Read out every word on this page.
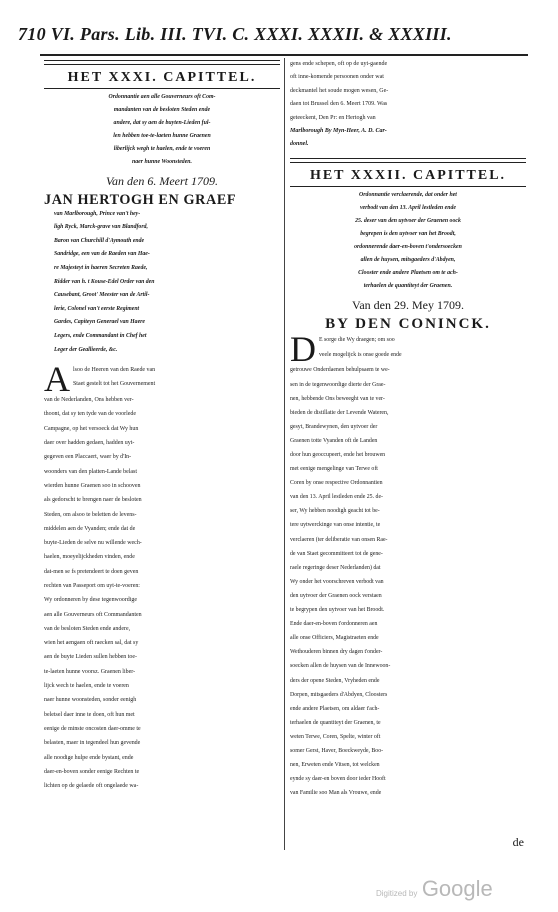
710 VI. Pars. Lib. III. TVI. C. XXXI. XXXII. & XXXIII.
HET XXXI. CAPITTEL.
Ordonnantie aen alle Gouverneurs oft Com-
mandanten van de besloten Steden ende
andere, dat sy aen de buyten-Lieden ful-
len hebben toe-te-laeten hunne Graenen
liberlijck wegh te haelen, ende te voeren
naer hunne Woonsteden.
Van den 6. Meert 1709.
JAN HERTOGH EN GRAEF
van Marlborough, Prince van't hey-
ligh Ryck, Marck-grave van Blandford,
Baron van Churchill d'Aymouth ende
Sandridge, een van de Raeden van Hae-
re Majesteyt in haeren Secreten Raede,
Ridder van h. t Kouse-Edel Order van den
Causebant, Groot' Meester van de Artil-
lerie, Colonel van't eerste Regiment
Gardes, Capiteyn Generael van Haere
Legers, ende Commandant in Chef het
Leger der Geallieerde, &c.
A lsoo de Heeren van den Raede van
Staet gestelt tot het Gouvernement
van de Nederlanden, Ons hebben ver-
thoont, dat sy ten tyde van de voorlede
Campagne, op het versoeck dat Wy hun
daer over hadden gedaen, hadden uyt-
gegeven een Placcaert, waer by d'In-
woonders van den platten-Lande belast
wierden hunne Graenen soo in schooven
als gedorscht te brengen naer de besloten
Steden, om alsoo te beletten de levens-
middelen aen de Vyanden; ende dat de
buyte-Lieden de selve nu willende wech-
haelen, moeyelijckheden vinden, ende
dat-men se fs pretendeert te doen geven
rechten van Passeport om uyt-te-voeren:
Wy ordonneren by dese tegenwoordige
aen alle Gouverneurs oft Commandanten
van de besloten Steden ende andere,
wien het aengaen oft raecken sal, dat sy
aen de buyte Lieden sullen hebben toe-
te-laeten hunne voorsz. Graenen liber-
lijck wech te haelen, ende te voeren
naer hunne woonsteden, sonder eenigh
beletsel daer inne te doen, oft hun met
eenige de minste oncosten daer-omme te
belasten, maer in tegendeel hun gevende
alle noodige hulpe ende bystant, ende
daer-en-boven sonder eenige Rechten te
lichten op de gelaede oft ongelaede wa-
gens ende schepen, oft op de uyt-gaende
oft inne-komende persoonen onder wat
deckmantel het soude mogen wesen, Ge-
daen tot Brussel den 6. Meert 1709. Was
geteeckent, Den Pr: en Hertogh van
Marlborough By Myn-Heer, A. D. Car-
donnel.
HET XXXII. CAPITTEL.
Ordonnantie verclaerende, dat onder het
verbodt van den 13. April lestleden ende
25. deser van den uytvoer der Graenen oock
begrepen is den uytvoer van het Broodt,
ordonnerende daer-en-boven t'ondersoecken
allen de huysen, mitsgaeders d'Abdyen,
Clooster ende andere Plaetsen om te ach-
terhaelen de quantiteyt der Graenen.
Van den 29. Mey 1709.
BY DEN CONINCK.
D E sorge die Wy draegen; om soo
veele mogelijck is onse goede ende
getrouwe Onderdaenen behulpsaem te we-
sen in de tegenwoordige dierte der Grae-
nen, hebbende Ons beweeght van te ver-
bieden de distillatie der Levende Wateren,
gesyt, Brandewynen, den uytvoer der
Graenen totte Vyanden oft de Landen
door hun geoccupeert, ende het brouwen
met eenige mengelinge van Terwe oft
Coren by onse respective Ordonnantien
van den 13. April lestleden ende 25. de-
ser, Wy hebben noodigh geacht tot be-
tere uytwerckinge van onse intentie, te
verclaeren (ter deliberatie van onsen Rae-
de van Staet gecommitteert tot de gene-
raele regeringe deser Nederlanden) dat
Wy onder het voorschreven verbodt van
den uytvoer der Graenen oock verstaen
te begrypen den uytvoer van het Broodt.
Ende daer-en-boven t'ordonneren aen
alle onse Officiers, Magistraeten ende
Wethouderen binnen dry dagen t'onder-
soecken allen de huysen van de Innewoon-
ders der opene Steden, Vryheden ende
Dorpen, mitsgaeders d'Abdyen, Cloosters
ende andere Plaetsen, om aldaer t'ach-
terhaelen de quantiteyt der Graenen, te
weten Terwe, Coren, Spelte, winter oft
somer Gerst, Haver, Boeckweyde, Boo-
nen, Erweten ende Vitsen, tot welcken
eynde sy daer-en boven door ieder Hooft
van Familie soo Man als Vrouwe, ende
de
Digitized by Google
